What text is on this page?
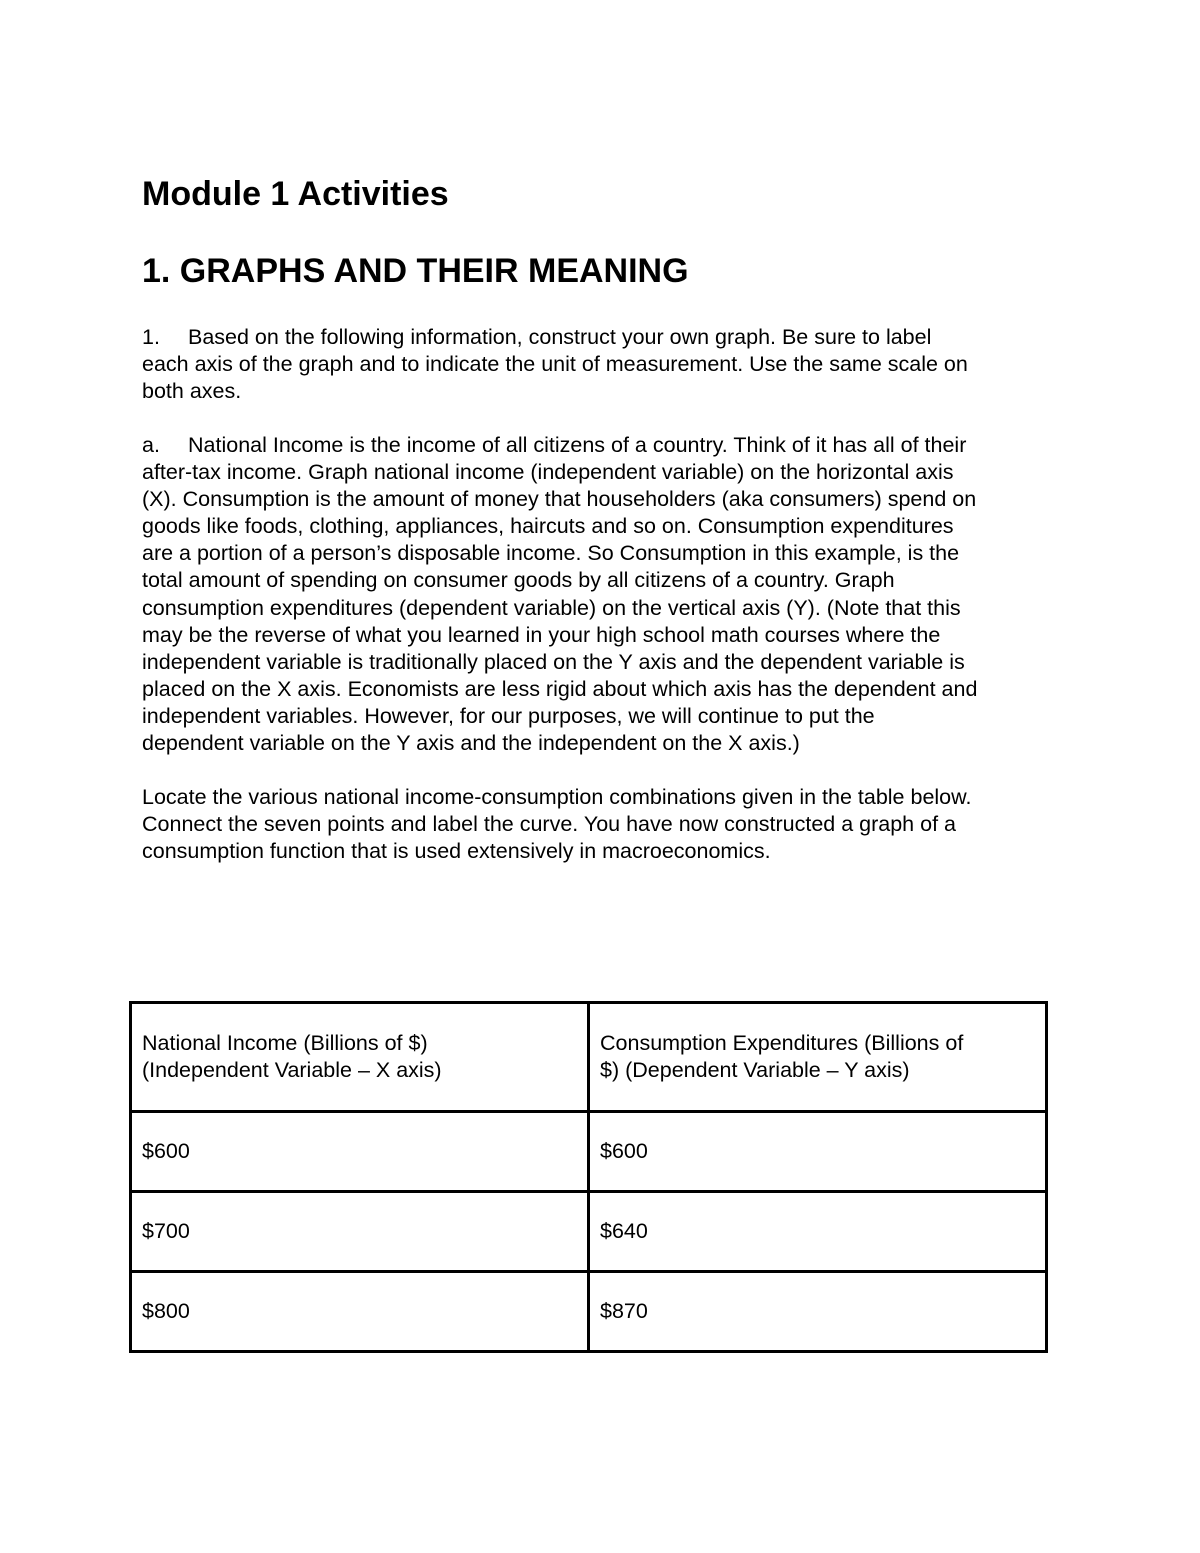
Module 1 Activities
1. GRAPHS AND THEIR MEANING
1. Based on the following information, construct your own graph. Be sure to label
each axis of the graph and to indicate the unit of measurement. Use the same scale on
both axes.
a. National Income is the income of all citizens of a country. Think of it has all of their
after-tax income. Graph national income (independent variable) on the horizontal axis
(X). Consumption is the amount of money that householders (aka consumers) spend on
goods like foods, clothing, appliances, haircuts and so on. Consumption expenditures
are a portion of a person’s disposable income. So Consumption in this example, is the
total amount of spending on consumer goods by all citizens of a country. Graph
consumption expenditures (dependent variable) on the vertical axis (Y). (Note that this
may be the reverse of what you learned in your high school math courses where the
independent variable is traditionally placed on the Y axis and the dependent variable is
placed on the X axis. Economists are less rigid about which axis has the dependent and
independent variables. However, for our purposes, we will continue to put the
dependent variable on the Y axis and the independent on the X axis.)
Locate the various national income-consumption combinations given in the table below.
Connect the seven points and label the curve. You have now constructed a graph of a
consumption function that is used extensively in macroeconomics.
National Income (Billions of $)
(Independent Variable – X axis)	Consumption Expenditures (Billions of
$) (Dependent Variable – Y axis)

$600	$600
$700	$640
$800	$870
